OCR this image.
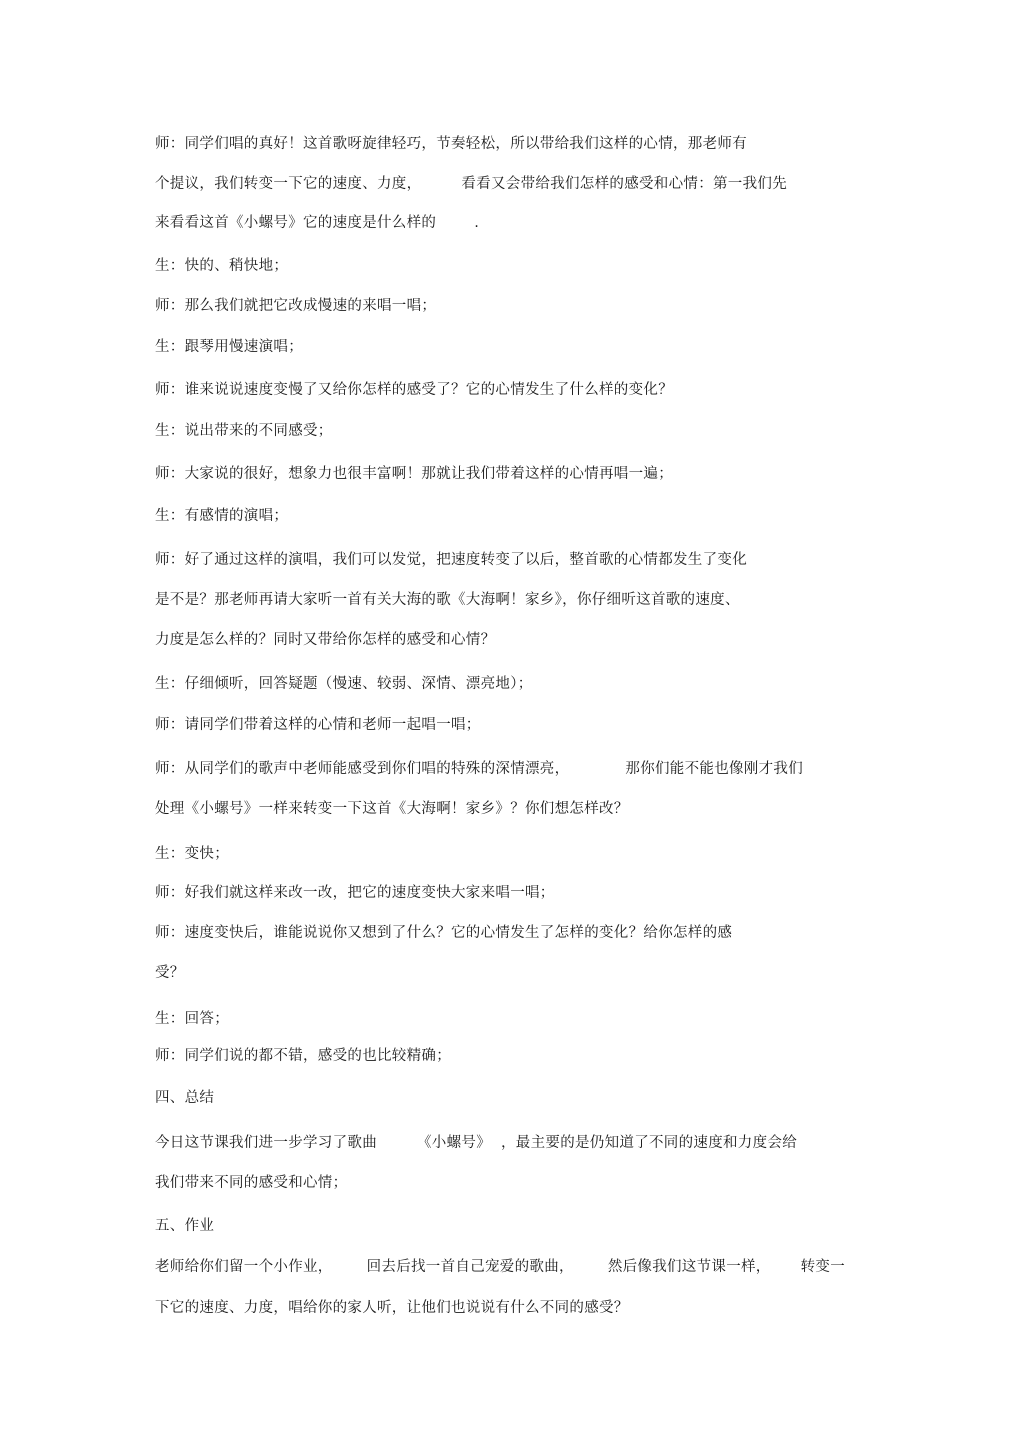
师：同学们唱的真好！这首歌呀旋律轻巧，节奏轻松，所以带给我们这样的心情，那老师有

个提议，我们转变一下它的速度、力度，	看看又会带给我们怎样的感受和心情：第一我们先

来看看这首《小螺号》它的速度是什么样的	.

生：快的、稍快地；

师：那么我们就把它改成慢速的来唱一唱；

生：跟琴用慢速演唱；

师：谁来说说速度变慢了又给你怎样的感受了？它的心情发生了什么样的变化？

生：说出带来的不同感受；

师：大家说的很好，想象力也很丰富啊！那就让我们带着这样的心情再唱一遍；

生：有感情的演唱；

师：好了通过这样的演唱，我们可以发觉，把速度转变了以后，整首歌的心情都发生了变化

是不是？那老师再请大家听一首有关大海的歌《大海啊！家乡》，你仔细听这首歌的速度、

力度是怎么样的？同时又带给你怎样的感受和心情？

生：仔细倾听，回答疑题（慢速、较弱、深情、漂亮地）；

师：请同学们带着这样的心情和老师一起唱一唱；

师：从同学们的歌声中老师能感受到你们唱的特殊的深情漂亮，	那你们能不能也像刚才我们

处理《小螺号》一样来转变一下这首《大海啊！家乡》？你们想怎样改？

生：变快；

师：好我们就这样来改一改，把它的速度变快大家来唱一唱；

师：速度变快后，谁能说说你又想到了什么？它的心情发生了怎样的变化？给你怎样的感

受？

生：回答；

师：同学们说的都不错，感受的也比较精确；

四、总结

今日这节课我们进一步学习了歌曲	《小螺号》 ，最主要的是仍知道了不同的速度和力度会给

我们带来不同的感受和心情；

五、作业

老师给你们留一个小作业， 回去后找一首自己宠爱的歌曲， 然后像我们这节课一样， 转变一

下它的速度、力度，唱给你的家人听，让他们也说说有什么不同的感受？
